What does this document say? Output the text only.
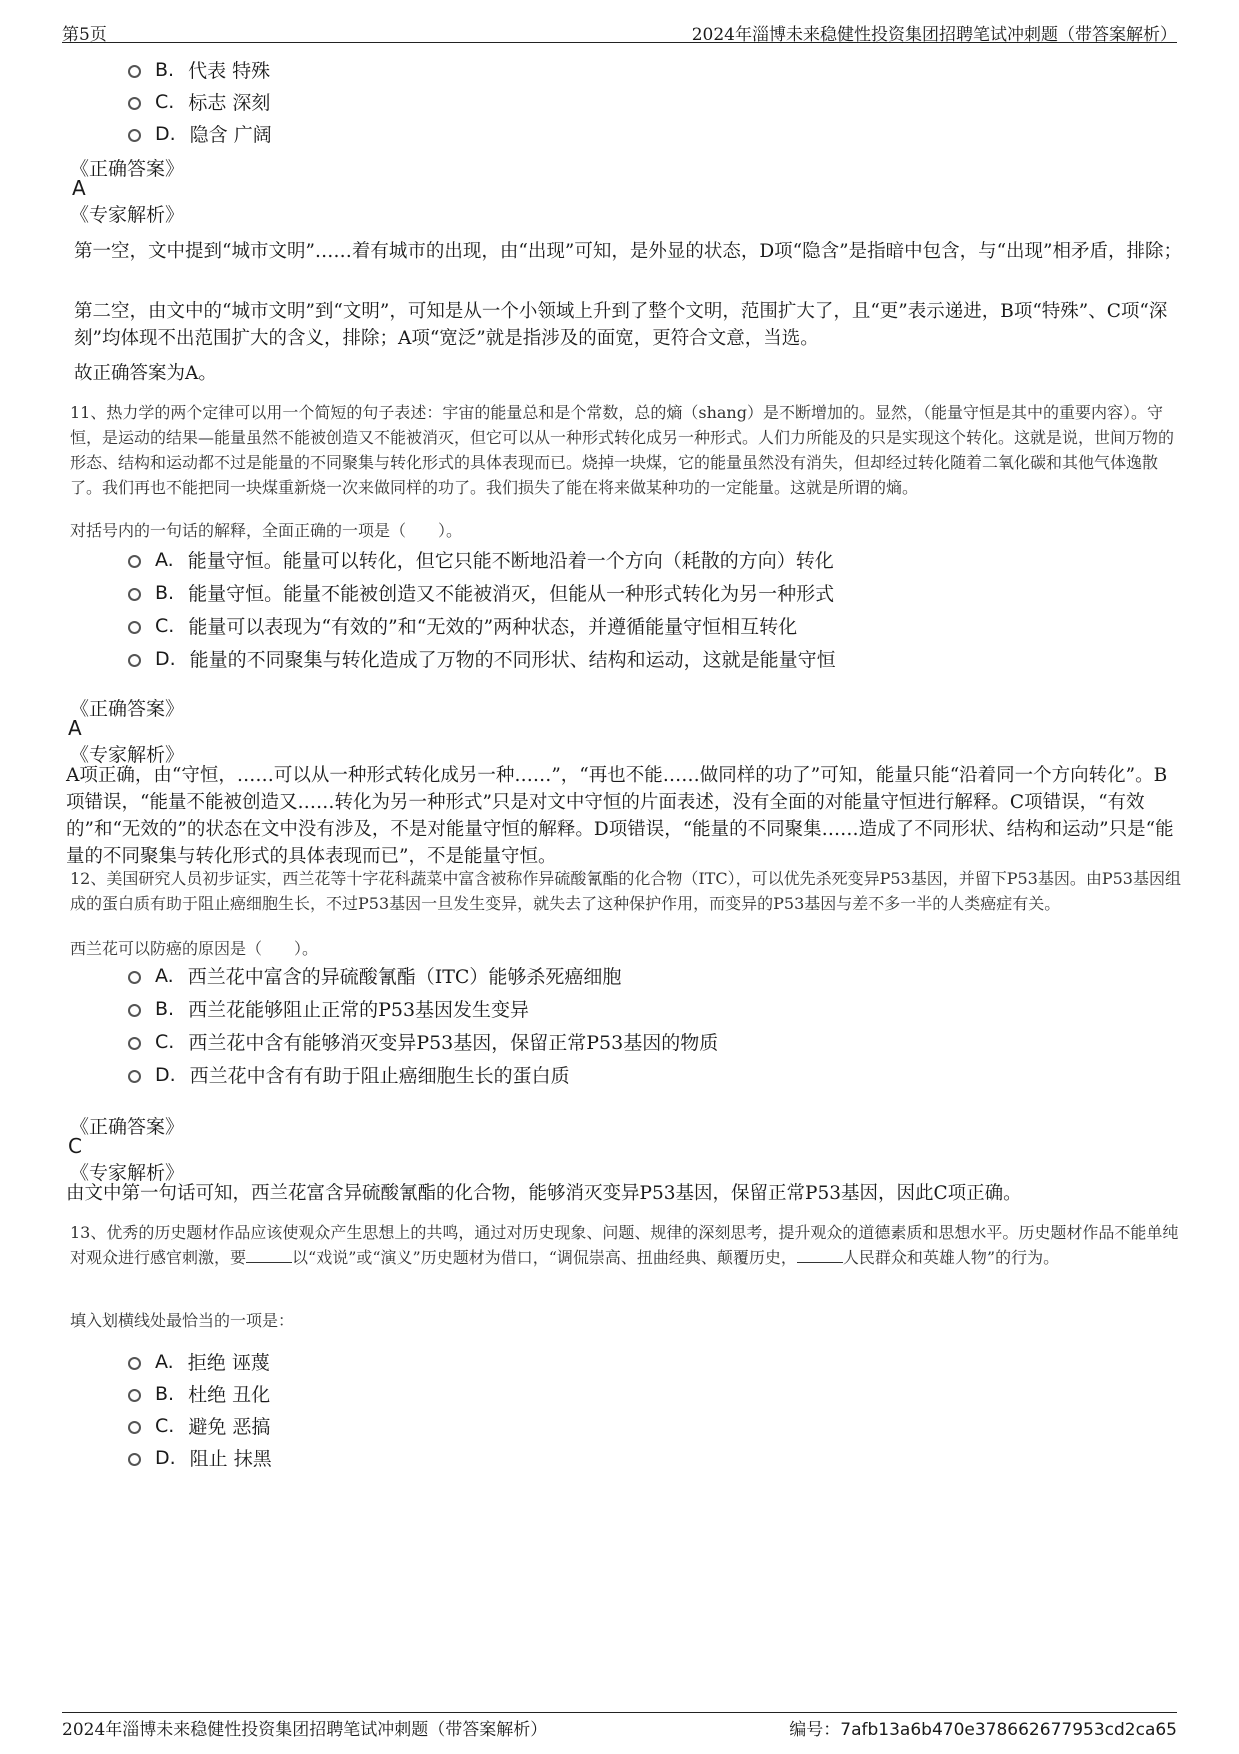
第5页	2024年淄博未来稳健性投资集团招聘笔试冲刺题（带答案解析）
B. 代表 特殊
C. 标志 深刻
D. 隐含 广阔
《正确答案》
A
《专家解析》
第一空，文中提到“城市文明”……着有城市的出现，由“出现”可知，是外显的状态，D项“隐含”是指暗中包含，与“出现”相矛盾，排除；
第二空，由文中的“城市文明”到“文明”，可知是从一个小领域上升到了整个文明，范围扩大了，且“更”表示递进，B项“特殊”、C项“深刻”均体现不出范围扩大的含义，排除；A项“宽泛”就是指涉及的面宽，更符合文意，当选。
故正确答案为A。
11、热力学的两个定律可以用一个简短的句子表述：宇宙的能量总和是个常数，总的熵（shang）是不断增加的。显然，（能量守恒是其中的重要内容）。守恒，是运动的结果—能量虽然不能被创造又不能被消灭，但它可以从一种形式转化成另一种形式。人们力所能及的只是实现这个转化。这就是说，世间万物的形态、结构和运动都不过是能量的不同聚集与转化形式的具体表现而已。烧掉一块煤，它的能量虽然没有消失，但却经过转化随着二氧化碳和其他气体逸散了。我们再也不能把同一块煤重新烧一次来做同样的功了。我们损失了能在将来做某种功的一定能量。这就是所谓的熵。
对括号内的一句话的解释，全面正确的一项是（　　）。
A. 能量守恒。能量可以转化，但它只能不断地沿着一个方向（耗散的方向）转化
B. 能量守恒。能量不能被创造又不能被消灭，但能从一种形式转化为另一种形式
C. 能量可以表现为“有效的”和“无效的”两种状态，并遵循能量守恒相互转化
D. 能量的不同聚集与转化造成了万物的不同形状、结构和运动，这就是能量守恒
《正确答案》
A
《专家解析》
A项正确，由“守恒，……可以从一种形式转化成另一种……”，“再也不能……做同样的功了”可知，能量只能“沿着同一个方向转化”。B项错误，“能量不能被创造又……转化为另一种形式”只是对文中守恒的片面表述，没有全面的对能量守恒进行解释。C项错误，“有效的”和“无效的”的状态在文中没有涉及，不是对能量守恒的解释。D项错误，“能量的不同聚集……造成了不同形状、结构和运动”只是“能量的不同聚集与转化形式的具体表现而已”，不是能量守恒。
12、美国研究人员初步证实，西兰花等十字花科蔬菜中富含被称作异硫酸氰酯的化合物（ITC），可以优先杀死变异P53基因，并留下P53基因。由P53基因组成的蛋白质有助于阻止癌细胞生长，不过P53基因一旦发生变异，就失去了这种保护作用，而变异的P53基因与差不多一半的人类癌症有关。
西兰花可以防癌的原因是（　　）。
A. 西兰花中富含的异硫酸氰酯（ITC）能够杀死癌细胞
B. 西兰花能够阻止正常的P53基因发生变异
C. 西兰花中含有能够消灭变异P53基因，保留正常P53基因的物质
D. 西兰花中含有有助于阻止癌细胞生长的蛋白质
《正确答案》
C
《专家解析》
由文中第一句话可知，西兰花富含异硫酸氰酯的化合物，能够消灭变异P53基因，保留正常P53基因，因此C项正确。
13、优秀的历史题材作品应该使观众产生思想上的共鸣，通过对历史现象、问题、规律的深刻思考，提升观众的道德素质和思想水平。历史题材作品不能单纯对观众进行感官刺激，要	以“戏说”或“演义”历史题材为借口，“调侃崇高、扭曲经典、颠覆历史，	人民群众和英雄人物”的行为。
填入划横线处最恰当的一项是：
A. 拒绝 诬蔑
B. 杜绝 丑化
C. 避免 恶搞
D. 阻止 抹黑
2024年淄博未来稳健性投资集团招聘笔试冲刺题（带答案解析）	编号：7afb13a6b470e378662677953cd2ca65
